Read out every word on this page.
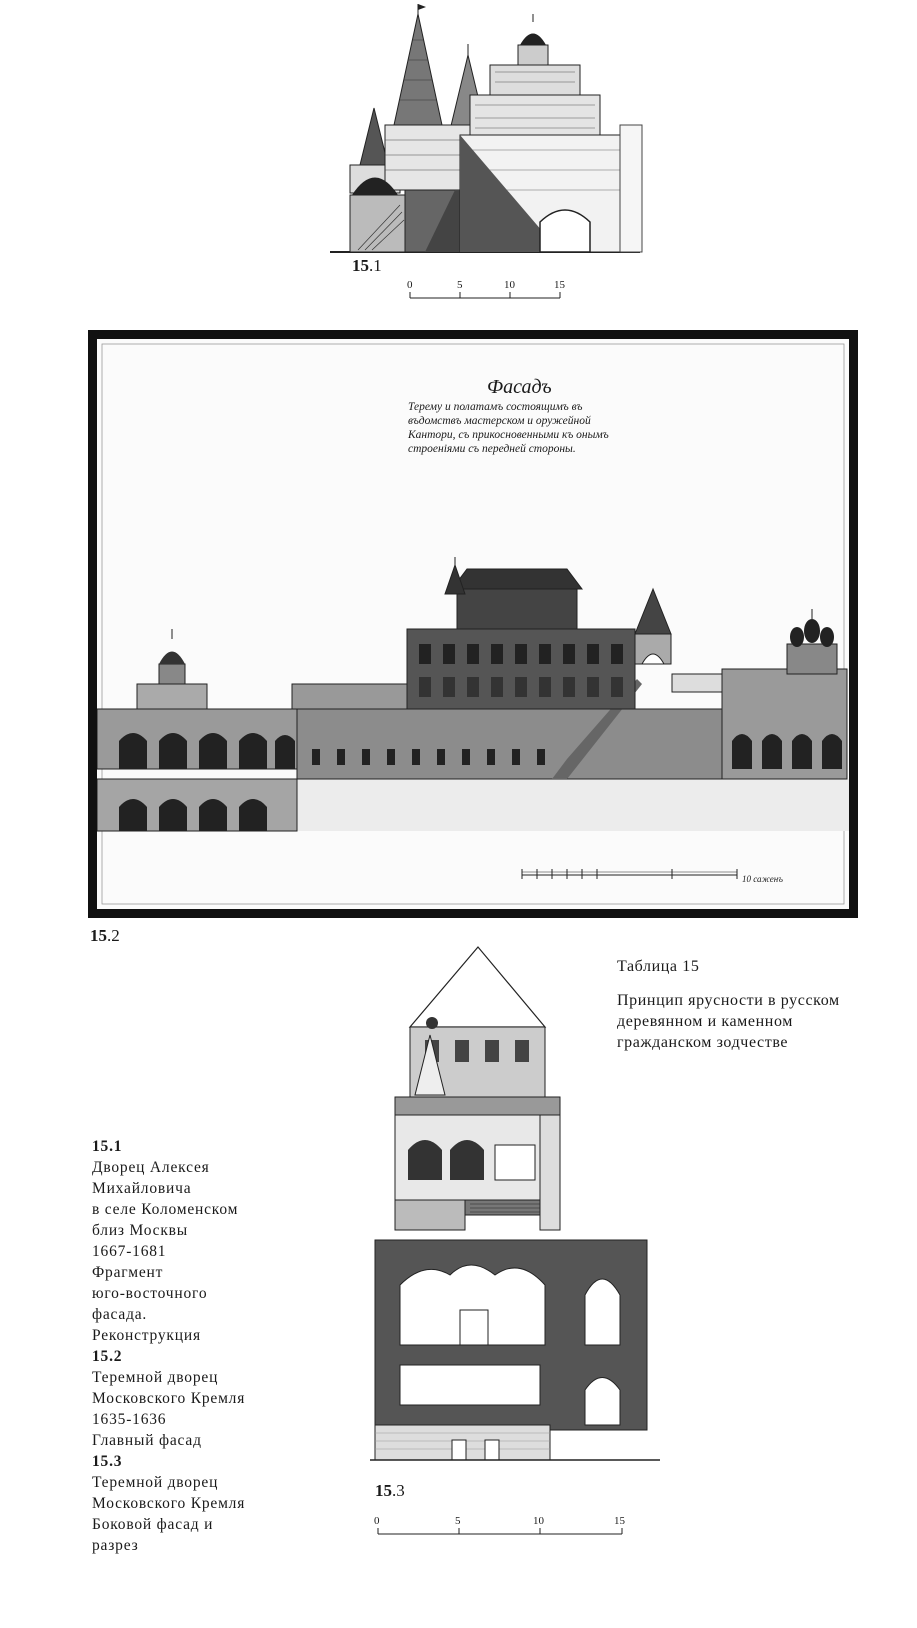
15.1
0	5	10	15
Фасадъ
Терему и полатамъ состоящимъ въ
въдомствъ мастерском и оружейной
Кантори, съ прикосновенными къ онымъ
строенiями съ передней стороны.
10 саженъ
15.2
Таблица 15
Принцип ярусности в русском
деревянном и каменном
гражданском зодчестве
15.3
0	5	10	15
15.1
Дворец Алексея
Михайловича
в селе Коломенском
близ Москвы
1667-1681
Фрагмент
юго-восточного
фасада.
Реконструкция
15.2
Теремной дворец
Московского Кремля
1635-1636
Главный фасад
15.3
Теремной дворец
Московского Кремля
Боковой фасад и
разрез
